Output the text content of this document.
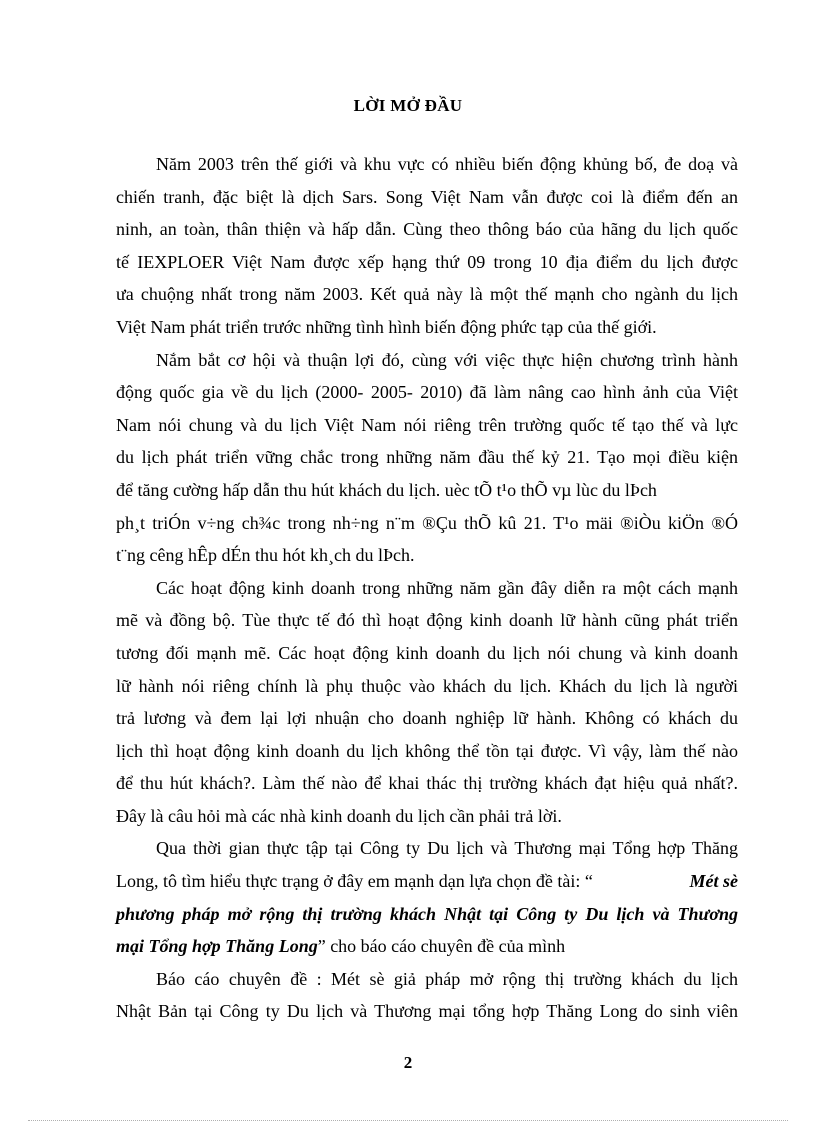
LỜI MỞ ĐẦU
Năm 2003 trên thế giới và khu vực có nhiều biến động khủng bố, đe doạ và
chiến tranh, đặc biệt là dịch Sars. Song Việt Nam vẫn được coi là điểm đến an
ninh, an toàn, thân thiện và hấp dẫn. Cùng theo thông báo của hãng du lịch quốc
tế IEXPLOER Việt Nam được xếp hạng thứ 09 trong 10 địa điểm du lịch được
ưa chuộng nhất trong năm 2003. Kết quả này là một thế mạnh cho ngành du lịch
Việt Nam phát triển trước những tình hình biến động phức tạp của thế giới.
Nắm bắt cơ hội và thuận lợi đó, cùng với việc thực hiện chương trình hành
động quốc gia về du lịch (2000- 2005- 2010) đã làm nâng cao hình ảnh của Việt
Nam nói chung và du lịch Việt Nam nói riêng trên trường quốc tế tạo thế và lực
du lịch phát triển vững chắc trong những năm đầu thế kỷ 21. Tạo mọi điều kiện
để tăng cường hấp dẫn thu hút khách du lịch. uèc tÕ t¹o thÕ vµ lùc du lÞch
ph¸t triÓn v÷ng ch¾c trong nh÷ng n¨m ®Çu thÕ kû 21. T¹o mäi ®iÒu kiÖn ®Ó
t¨ng cêng hÊp dÉn thu hót kh¸ch du lÞch.
Các hoạt động kinh doanh trong những năm gần đây diễn ra một cách mạnh
mẽ và đồng bộ. Tùe thực tế đó thì hoạt động kinh doanh lữ hành cũng phát triển
tương đối mạnh mẽ. Các hoạt động kinh doanh du lịch nói chung và kinh doanh
lữ hành nói riêng chính là phụ thuộc vào khách du lịch. Khách du lịch là người
trả lương và đem lại lợi nhuận cho doanh nghiệp lữ hành. Không có khách du
lịch thì hoạt động kinh doanh du lịch không thể tồn tại được. Vì vậy, làm thế nào
để thu hút khách?. Làm thế nào để khai thác thị trường khách đạt hiệu quả nhất?.
Đây là câu hỏi mà các nhà kinh doanh du lịch cần phải trả lời.
Qua thời gian thực tập tại Công ty Du lịch và Thương mại Tổng hợp Thăng
Long, tô tìm hiểu thực trạng ở đây em mạnh dạn lựa chọn đề tài: “	Mét sè
phương pháp mở rộng thị trường khách Nhật tại Công ty Du lịch và Thương
mại Tổng hợp Thăng Long” cho báo cáo chuyên đề của mình
Báo cáo chuyên đề : Mét sè giả pháp mở rộng thị trường khách du lịch
Nhật Bản tại Công ty Du lịch và Thương mại tổng hợp Thăng Long do sinh viên
2
